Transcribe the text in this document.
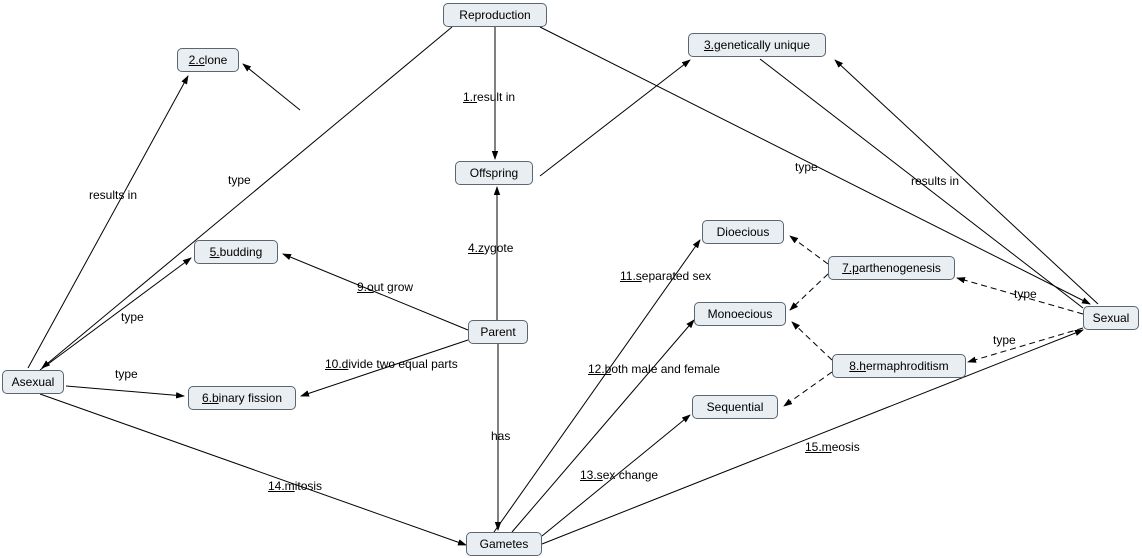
Reproduction
2.c lone
3.g enetically unique
Offspring
5. budding
Dioecious
7.p arthenogenesis
Monoecious
Parent
Sexual
8.h ermaphroditism
Asexual
6.b inary fission
Sequential
Gametes
results in
type
1.result in
type
results in
4.zygote
11.separated sex
9.out grow
type
type
10.divide two equal parts	12.both male and female
type
type
has
15.meosis
13.sex change
14.mitosis
